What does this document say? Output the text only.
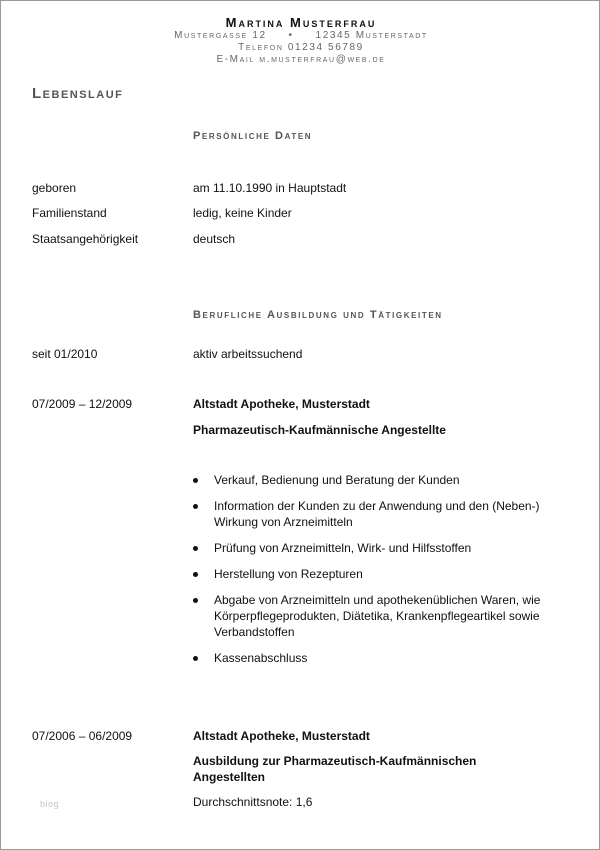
Martina Musterfrau
Mustergasse 12     •     12345 Musterstadt
Telefon 01234 56789
E-Mail m.musterfrau@web.de
Lebenslauf
Persönliche Daten
geboren	am 11.10.1990 in Hauptstadt
Familienstand	ledig, keine Kinder
Staatsangehörigkeit	deutsch
Berufliche Ausbildung und Tätigkeiten
seit 01/2010	aktiv arbeitssuchend
07/2009 – 12/2009	Altstadt Apotheke, Musterstadt
Pharmazeutisch-Kaufmännische Angestellte
Verkauf, Bedienung und Beratung der Kunden
Information der Kunden zu der Anwendung und den (Neben-) Wirkung von Arzneimitteln
Prüfung von Arzneimitteln, Wirk- und Hilfsstoffen
Herstellung von Rezepturen
Abgabe von Arzneimitteln und apothekenüblichen Waren, wie Körperpflegeprodukten, Diätetika, Krankenpflegeartikel sowie Verbandstoffen
Kassenabschluss
07/2006 – 06/2009	Altstadt Apotheke, Musterstadt
Ausbildung zur Pharmazeutisch-Kaufmännischen Angestellten
Durchschnittsnote: 1,6
blog
